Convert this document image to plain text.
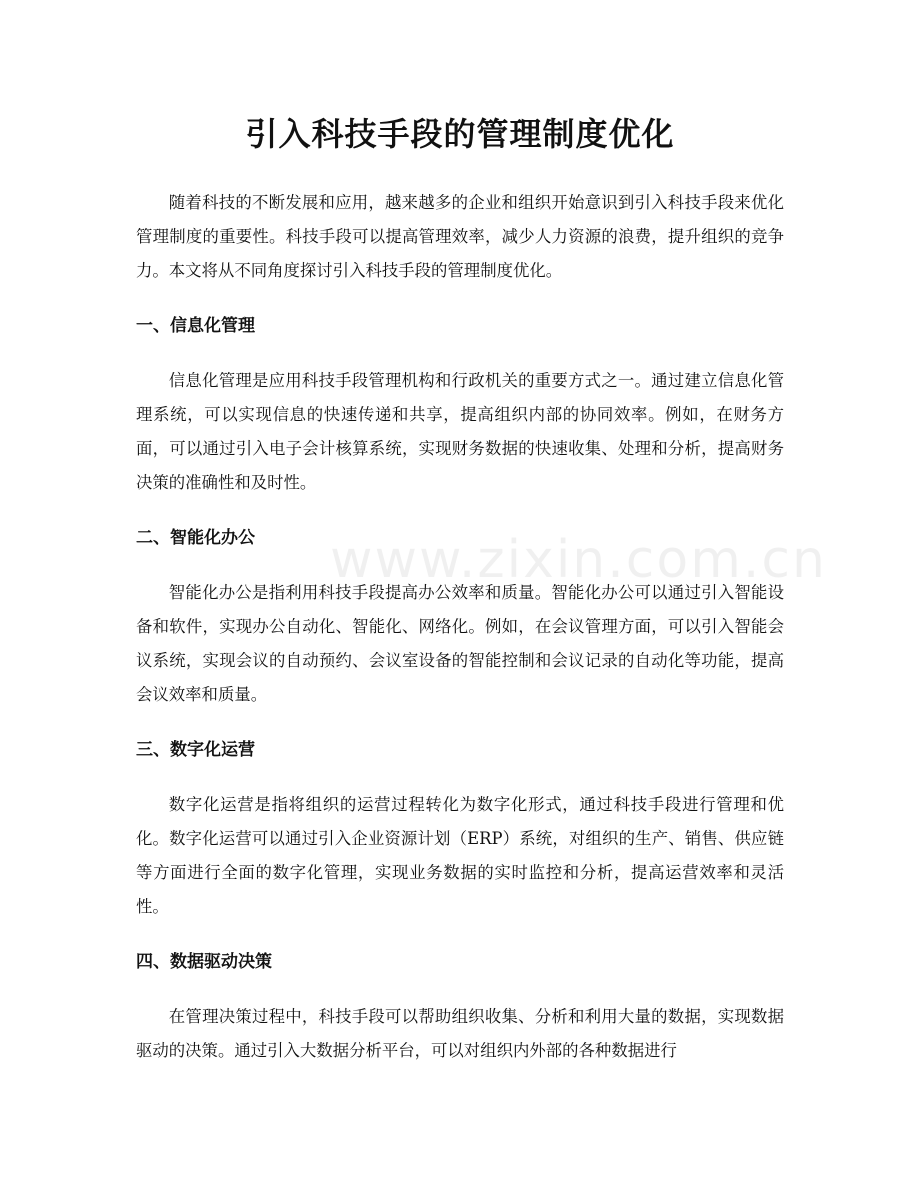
引入科技手段的管理制度优化

随着科技的不断发展和应用，越来越多的企业和组织开始意识到引入科技手段来优化管理制度的重要性。科技手段可以提高管理效率，减少人力资源的浪费，提升组织的竞争力。本文将从不同角度探讨引入科技手段的管理制度优化。

一、信息化管理

信息化管理是应用科技手段管理机构和行政机关的重要方式之一。通过建立信息化管理系统，可以实现信息的快速传递和共享，提高组织内部的协同效率。例如，在财务方面，可以通过引入电子会计核算系统，实现财务数据的快速收集、处理和分析，提高财务决策的准确性和及时性。

二、智能化办公

智能化办公是指利用科技手段提高办公效率和质量。智能化办公可以通过引入智能设备和软件，实现办公自动化、智能化、网络化。例如，在会议管理方面，可以引入智能会议系统，实现会议的自动预约、会议室设备的智能控制和会议记录的自动化等功能，提高会议效率和质量。

三、数字化运营

数字化运营是指将组织的运营过程转化为数字化形式，通过科技手段进行管理和优化。数字化运营可以通过引入企业资源计划（ERP）系统，对组织的生产、销售、供应链等方面进行全面的数字化管理，实现业务数据的实时监控和分析，提高运营效率和灵活性。

四、数据驱动决策

在管理决策过程中，科技手段可以帮助组织收集、分析和利用大量的数据，实现数据驱动的决策。通过引入大数据分析平台，可以对组织内外部的各种数据进行

www.zixin.com.cn
